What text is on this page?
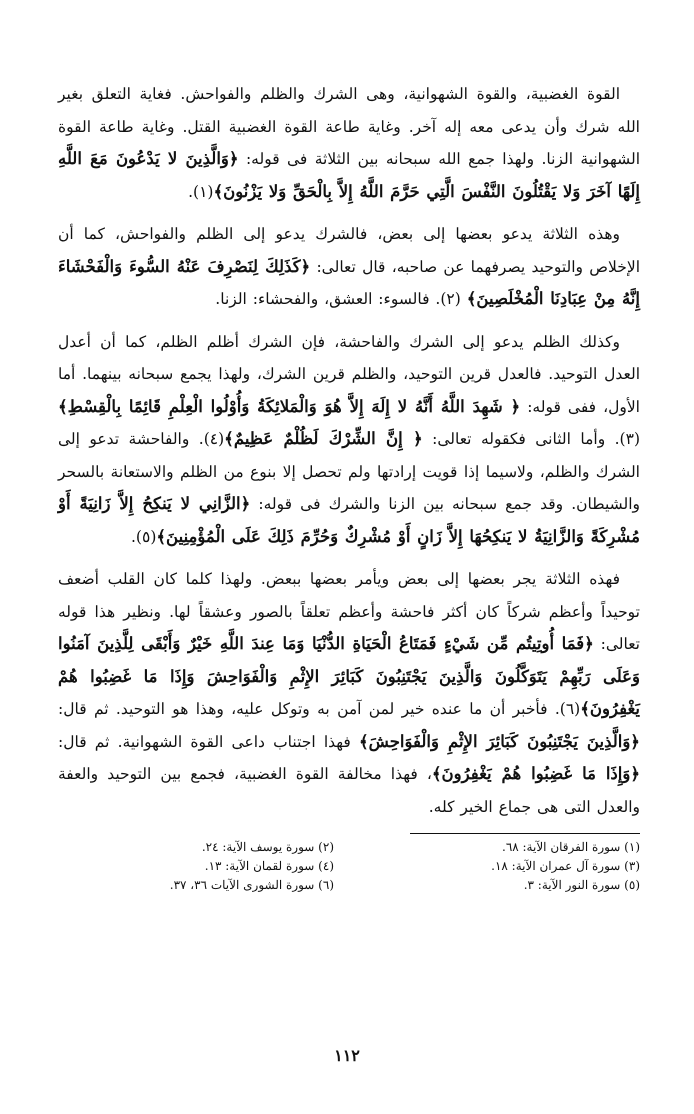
القوة الغضبية، والقوة الشهوانية، وهى الشرك والظلم والفواحش. فغاية التعلق بغير الله شرك وأن يدعى معه إله آخر. وغاية طاعة القوة الغضبية القتل. وغاية طاعة القوة الشهوانية الزنا. ولهذا جمع الله سبحانه بين الثلاثة فى قوله: ﴿وَالَّذِينَ لا يَدْعُونَ مَعَ اللَّهِ إِلَهًا آخَرَ وَلا يَقْتُلُونَ النَّفْسَ الَّتِي حَرَّمَ اللَّهُ إِلاَّ بِالْحَقِّ وَلا يَزْنُونَ﴾(١).

وهذه الثلاثة يدعو بعضها إلى بعض، فالشرك يدعو إلى الظلم والفواحش، كما أن الإخلاص والتوحيد يصرفهما عن صاحبه، قال تعالى: ﴿كَذَلِكَ لِنَصْرِفَ عَنْهُ السُّوءَ وَالْفَحْشَاءَ إِنَّهُ مِنْ عِبَادِنَا الْمُخْلَصِينَ﴾ (٢). فالسوء: العشق، والفحشاء: الزنا.

وكذلك الظلم يدعو إلى الشرك والفاحشة، فإن الشرك أظلم الظلم، كما أن أعدل العدل التوحيد. فالعدل قرين التوحيد، والظلم قرين الشرك، ولهذا يجمع سبحانه بينهما. أما الأول، ففى قوله: ﴿ شَهِدَ اللَّهُ أَنَّهُ لا إِلَهَ إِلاَّ هُوَ وَالْمَلائِكَةُ وَأُوْلُوا الْعِلْمِ قَائِمًا بِالْقِسْطِ﴾(٣). وأما الثانى فكقوله تعالى: ﴿ إِنَّ الشِّرْكَ لَظُلْمٌ عَظِيمٌ﴾(٤). والفاحشة تدعو إلى الشرك والظلم، ولاسيما إذا قويت إرادتها ولم تحصل إلا بنوع من الظلم والاستعانة بالسحر والشيطان. وقد جمع سبحانه بين الزنا والشرك فى قوله: ﴿الزَّانِي لا يَنكِحُ إِلاَّ زَانِيَةً أَوْ مُشْرِكَةً وَالزَّانِيَةُ لا يَنكِحُهَا إِلاَّ زَانٍ أَوْ مُشْرِكٌ وَحُرِّمَ ذَلِكَ عَلَى الْمُؤْمِنِينَ﴾(٥).

فهذه الثلاثة يجر بعضها إلى بعض ويأمر بعضها ببعض. ولهذا كلما كان القلب أضعف توحيداً وأعظم شركاً كان أكثر فاحشة وأعظم تعلقاً بالصور وعشقاً لها. ونظير هذا قوله تعالى: ﴿فَمَا أُوتِيتُم مِّن شَيْءٍ فَمَتَاعُ الْحَيَاةِ الدُّنْيَا وَمَا عِندَ اللَّهِ خَيْرٌ وَأَبْقَى لِلَّذِينَ آمَنُوا وَعَلَى رَبِّهِمْ يَتَوَكَّلُونَ وَالَّذِينَ يَجْتَنِبُونَ كَبَائِرَ الإِثْمِ وَالْفَوَاحِشَ وَإِذَا مَا غَضِبُوا هُمْ يَغْفِرُونَ﴾(٦). فأخبر أن ما عنده خير لمن آمن به وتوكل عليه، وهذا هو التوحيد. ثم قال: ﴿وَالَّذِينَ يَجْتَنِبُونَ كَبَائِرَ الإِثْمِ وَالْفَوَاحِشَ﴾ فهذا اجتناب داعى القوة الشهوانية. ثم قال: ﴿وَإِذَا مَا غَضِبُوا هُمْ يَغْفِرُونَ﴾، فهذا مخالفة القوة الغضبية، فجمع بين التوحيد والعفة والعدل التى هى جماع الخير كله.

(١) سورة الفرقان الآية: ٦٨.
(٢) سورة يوسف الآية: ٢٤.
(٣) سورة آل عمران الآية: ١٨.
(٤) سورة لقمان الآية: ١٣.
(٥) سورة النور الآية: ٣.
(٦) سورة الشورى الآيات ٣٦، ٣٧.
١١٢
